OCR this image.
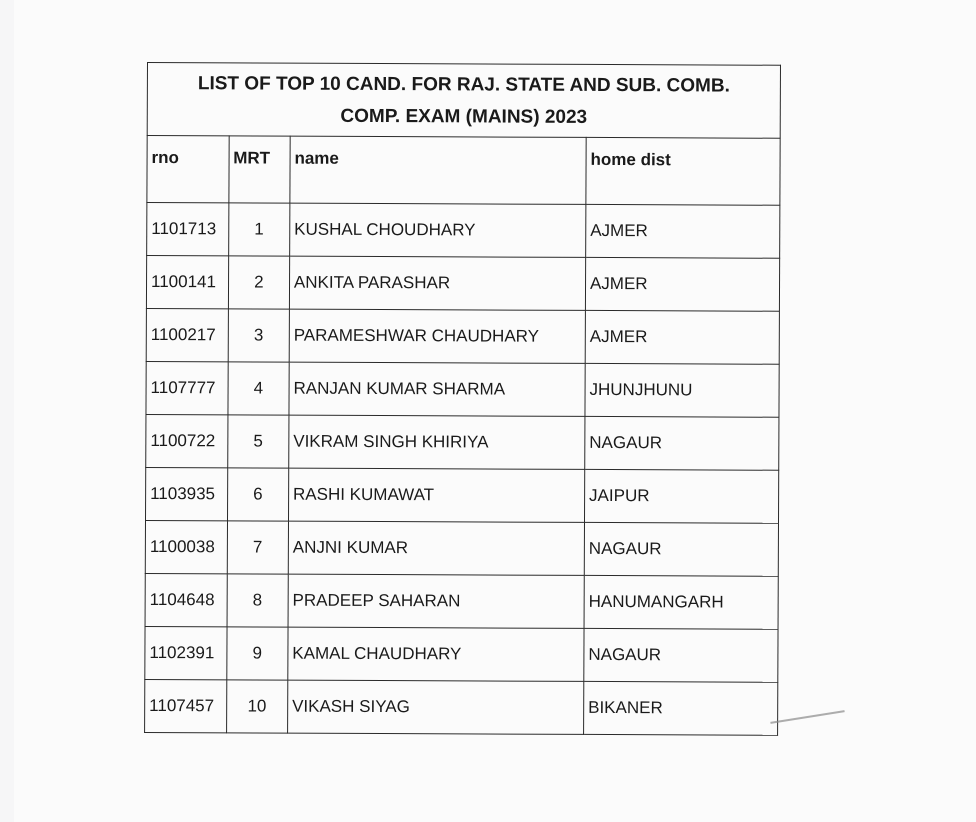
LIST OF TOP 10 CAND. FOR RAJ. STATE AND SUB. COMB.
COMP. EXAM (MAINS) 2023			

rno	MRT	name	home dist
1101713	1	KUSHAL CHOUDHARY	AJMER
1100141	2	ANKITA PARASHAR	AJMER
1100217	3	PARAMESHWAR CHAUDHARY	AJMER
1107777	4	RANJAN KUMAR SHARMA	JHUNJHUNU
1100722	5	VIKRAM SINGH KHIRIYA	NAGAUR
1103935	6	RASHI KUMAWAT	JAIPUR
1100038	7	ANJNI KUMAR	NAGAUR
1104648	8	PRADEEP SAHARAN	HANUMANGARH
1102391	9	KAMAL CHAUDHARY	NAGAUR
1107457	10	VIKASH SIYAG	BIKANER
